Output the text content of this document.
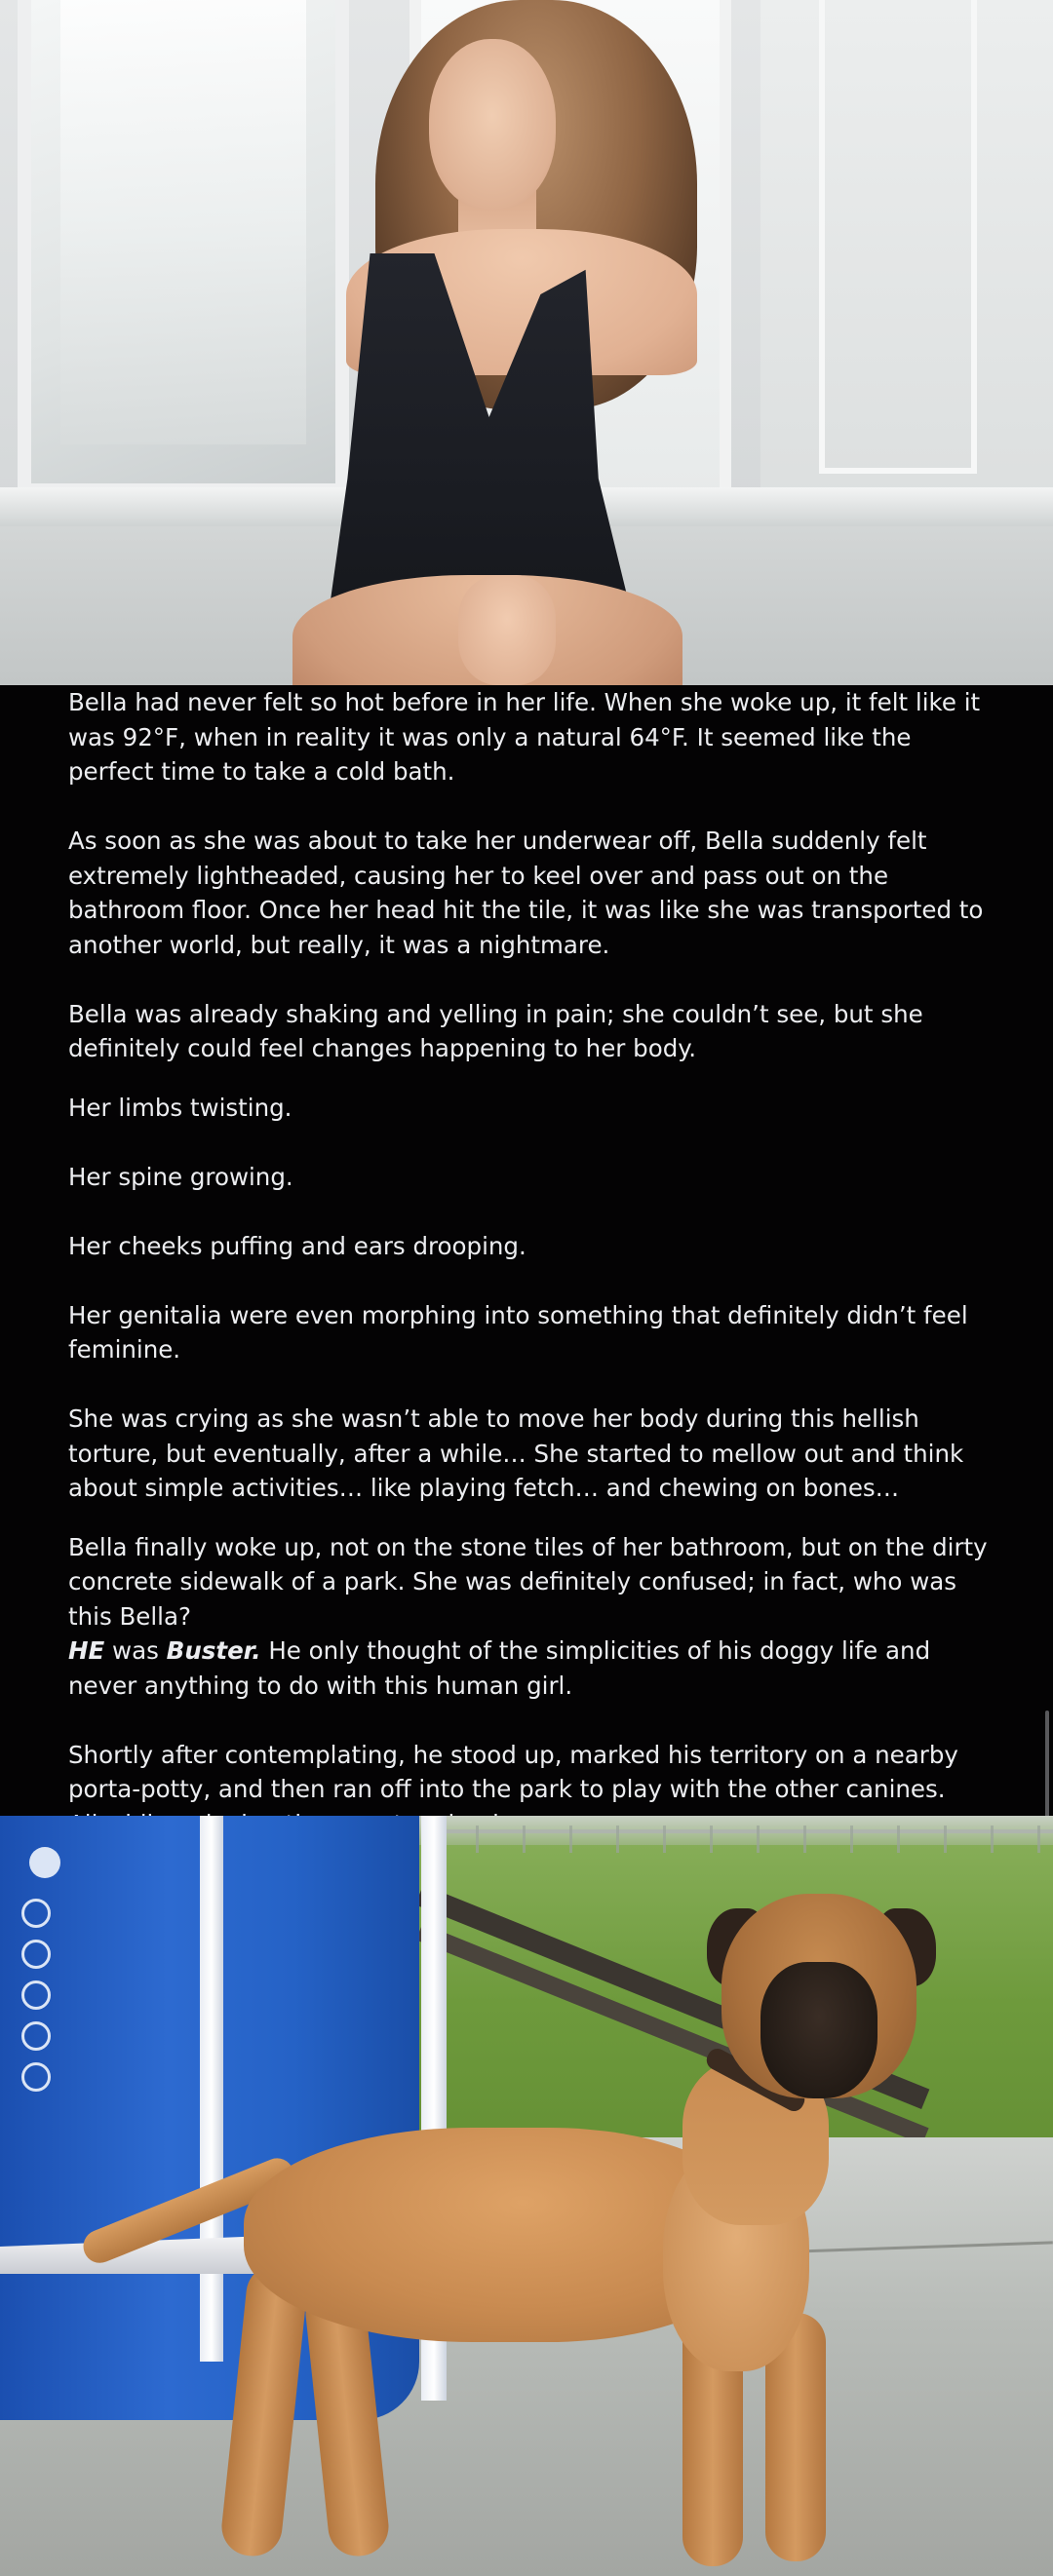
Bella had never felt so hot before in her life. When she woke up, it felt like it was 92°F, when in reality it was only a natural 64°F. It seemed like the perfect time to take a cold bath.

As soon as she was about to take her underwear off, Bella suddenly felt extremely lightheaded, causing her to keel over and pass out on the bathroom floor. Once her head hit the tile, it was like she was transported to another world, but really, it was a nightmare.

Bella was already shaking and yelling in pain; she couldn’t see, but she definitely could feel changes happening to her body.

Her limbs twisting.

Her spine growing.

Her cheeks puffing and ears drooping.

Her genitalia were even morphing into something that definitely didn’t feel feminine.

She was crying as she wasn’t able to move her body during this hellish torture, but eventually, after a while… She started to mellow out and think about simple activities… like playing fetch… and chewing on bones…

Bella finally woke up, not on the stone tiles of her bathroom, but on the dirty concrete sidewalk of a park. She was definitely confused; in fact, who was this Bella?

HE was Buster. He only thought of the simplicities of his doggy life and never anything to do with this human girl.

Shortly after contemplating, he stood up, marked his territory on a nearby porta-potty, and then ran off into the park to play with the other canines.
